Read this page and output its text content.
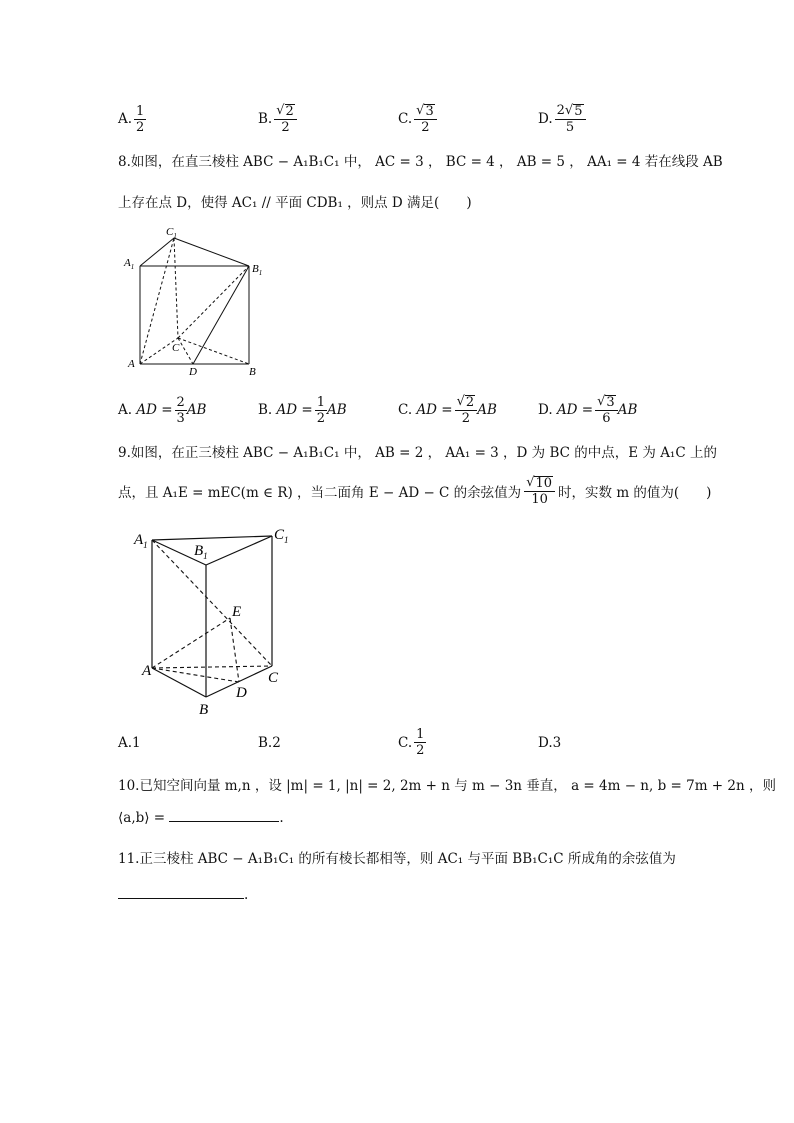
A. $\frac{1}{2}$	B. $\frac{√ 2}{2}$	C. $\frac{√ 3}{2}$	D. $\frac{2 √ 5}{5}$
8.如图，在直三棱柱 ABC − A₁B₁C₁ 中， AC = 3 ， BC = 4 ， AB = 5 ， AA₁ = 4 若在线段 AB
上存在点 D，使得 AC₁ // 平面 CDB₁ ，则点 D 满足(　　)
$A_1$
$C_1$
$B_1$
A
C
D	B
A.
AD = $\frac{2}{3}$ AB	B.
AD = $\frac{1}{2}$ AB	C.
AD = $\frac{√ 2}{2}$ AB	D.
AD = $\frac{√ 3}{6}$ AB
9.如图，在正三棱柱 ABC − A₁B₁C₁ 中， AB = 2 ， AA₁ = 3 ，D 为 BC 的中点，E 为 A₁C 上的
点，且 A₁E = mEC(m ∈ R) ，当二面角 E − AD − C 的余弦值为 $\frac{√ 10}{10}$ 时，实数 m 的值为(　　)
$A_1$	$B_1$
$C_1$
E
A	C
D
B
A.1	B.2	C. $\frac{1}{2}$	D.3
10.已知空间向量 m,n ，设 |m| = 1, |n| = 2, 2m + n 与 m − 3n 垂直， a = 4m − n, b = 7m + 2n ，则
⟨a,b⟩ =	.
11.正三棱柱 ABC − A₁B₁C₁ 的所有棱长都相等，则 AC₁ 与平面 BB₁C₁C 所成角的余弦值为
.
